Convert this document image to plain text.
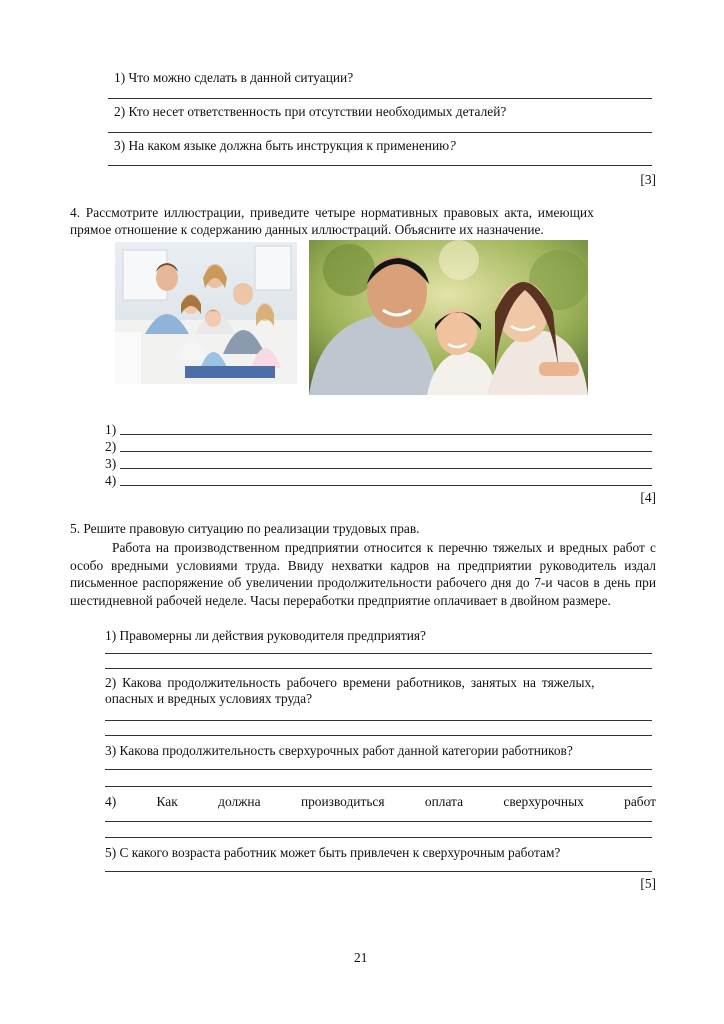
1) Что можно сделать в данной ситуации?
2) Кто несет ответственность при отсутствии необходимых деталей?
3) На каком языке должна быть инструкция к применению?
[3]
4. Рассмотрите иллюстрации, приведите четыре нормативных правовых акта, имеющих
прямое отношение к содержанию данных иллюстраций. Объясните их назначение.
1)
2)
3)
4)
[4]
5. Решите правовую ситуацию по реализации трудовых прав.
Работа на производственном предприятии относится к перечню тяжелых и вредных работ с особо вредными условиями труда. Ввиду нехватки кадров на предприятии руководитель издал письменное распоряжение об увеличении продолжительности рабочего дня до 7-и часов в день при шестидневной рабочей неделе. Часы переработки предприятие оплачивает в двойном размере.
1) Правомерны ли действия руководителя предприятия?
2) Какова продолжительность рабочего времени работников, занятых на тяжелых,
опасных и вредных условиях труда?
3) Какова продолжительность сверхурочных работ данной категории работников?
4)	Как	должна	производиться	оплата	сверхурочных	работ
5) С какого возраста работник может быть привлечен к сверхурочным работам?
[5]
21
